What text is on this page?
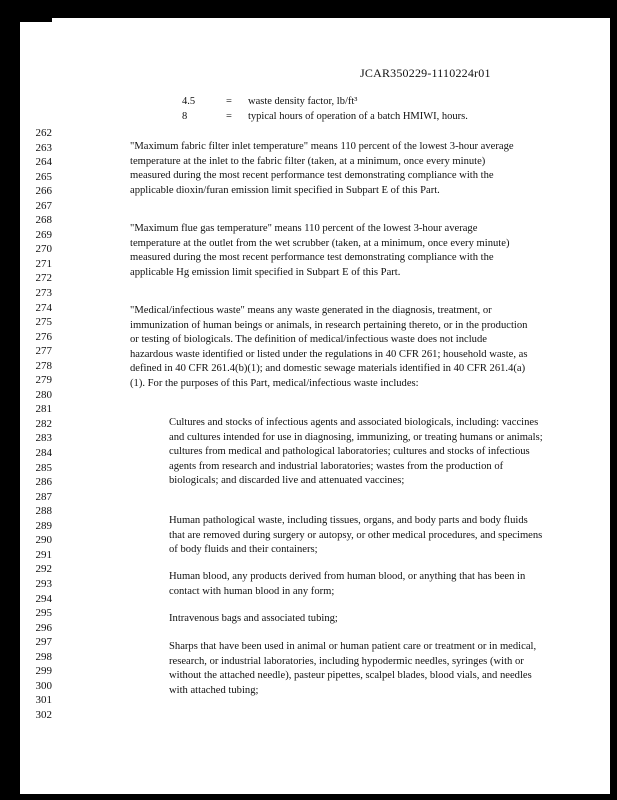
JCAR350229-1110224r01
4.5	= waste density factor, lb/ft³
8	= typical hours of operation of a batch HMIWI, hours.
262
263
264
265
266
267
268
269
270
271
272
273
274
275
276
277
278
279
280
281
282
283
284
285
286
287
288
289
290
291
292
293
294
295
296
297
298
299
300
301
302
"Maximum fabric filter inlet temperature" means 110 percent of the lowest 3-hour average temperature at the inlet to the fabric filter (taken, at a minimum, once every minute) measured during the most recent performance test demonstrating compliance with the applicable dioxin/furan emission limit specified in Subpart E of this Part.
"Maximum flue gas temperature" means 110 percent of the lowest 3-hour average temperature at the outlet from the wet scrubber (taken, at a minimum, once every minute) measured during the most recent performance test demonstrating compliance with the applicable Hg emission limit specified in Subpart E of this Part.
"Medical/infectious waste" means any waste generated in the diagnosis, treatment, or immunization of human beings or animals, in research pertaining thereto, or in the production or testing of biologicals. The definition of medical/infectious waste does not include hazardous waste identified or listed under the regulations in 40 CFR 261; household waste, as defined in 40 CFR 261.4(b)(1); and domestic sewage materials identified in 40 CFR 261.4(a)(1). For the purposes of this Part, medical/infectious waste includes:
Cultures and stocks of infectious agents and associated biologicals, including: vaccines and cultures intended for use in diagnosing, immunizing, or treating humans or animals; cultures from medical and pathological laboratories; cultures and stocks of infectious agents from research and industrial laboratories; wastes from the production of biologicals; and discarded live and attenuated vaccines;
Human pathological waste, including tissues, organs, and body parts and body fluids that are removed during surgery or autopsy, or other medical procedures, and specimens of body fluids and their containers;
Human blood, any products derived from human blood, or anything that has been in contact with human blood in any form;
Intravenous bags and associated tubing;
Sharps that have been used in animal or human patient care or treatment or in medical, research, or industrial laboratories, including hypodermic needles, syringes (with or without the attached needle), pasteur pipettes, scalpel blades, blood vials, and needles with attached tubing;
